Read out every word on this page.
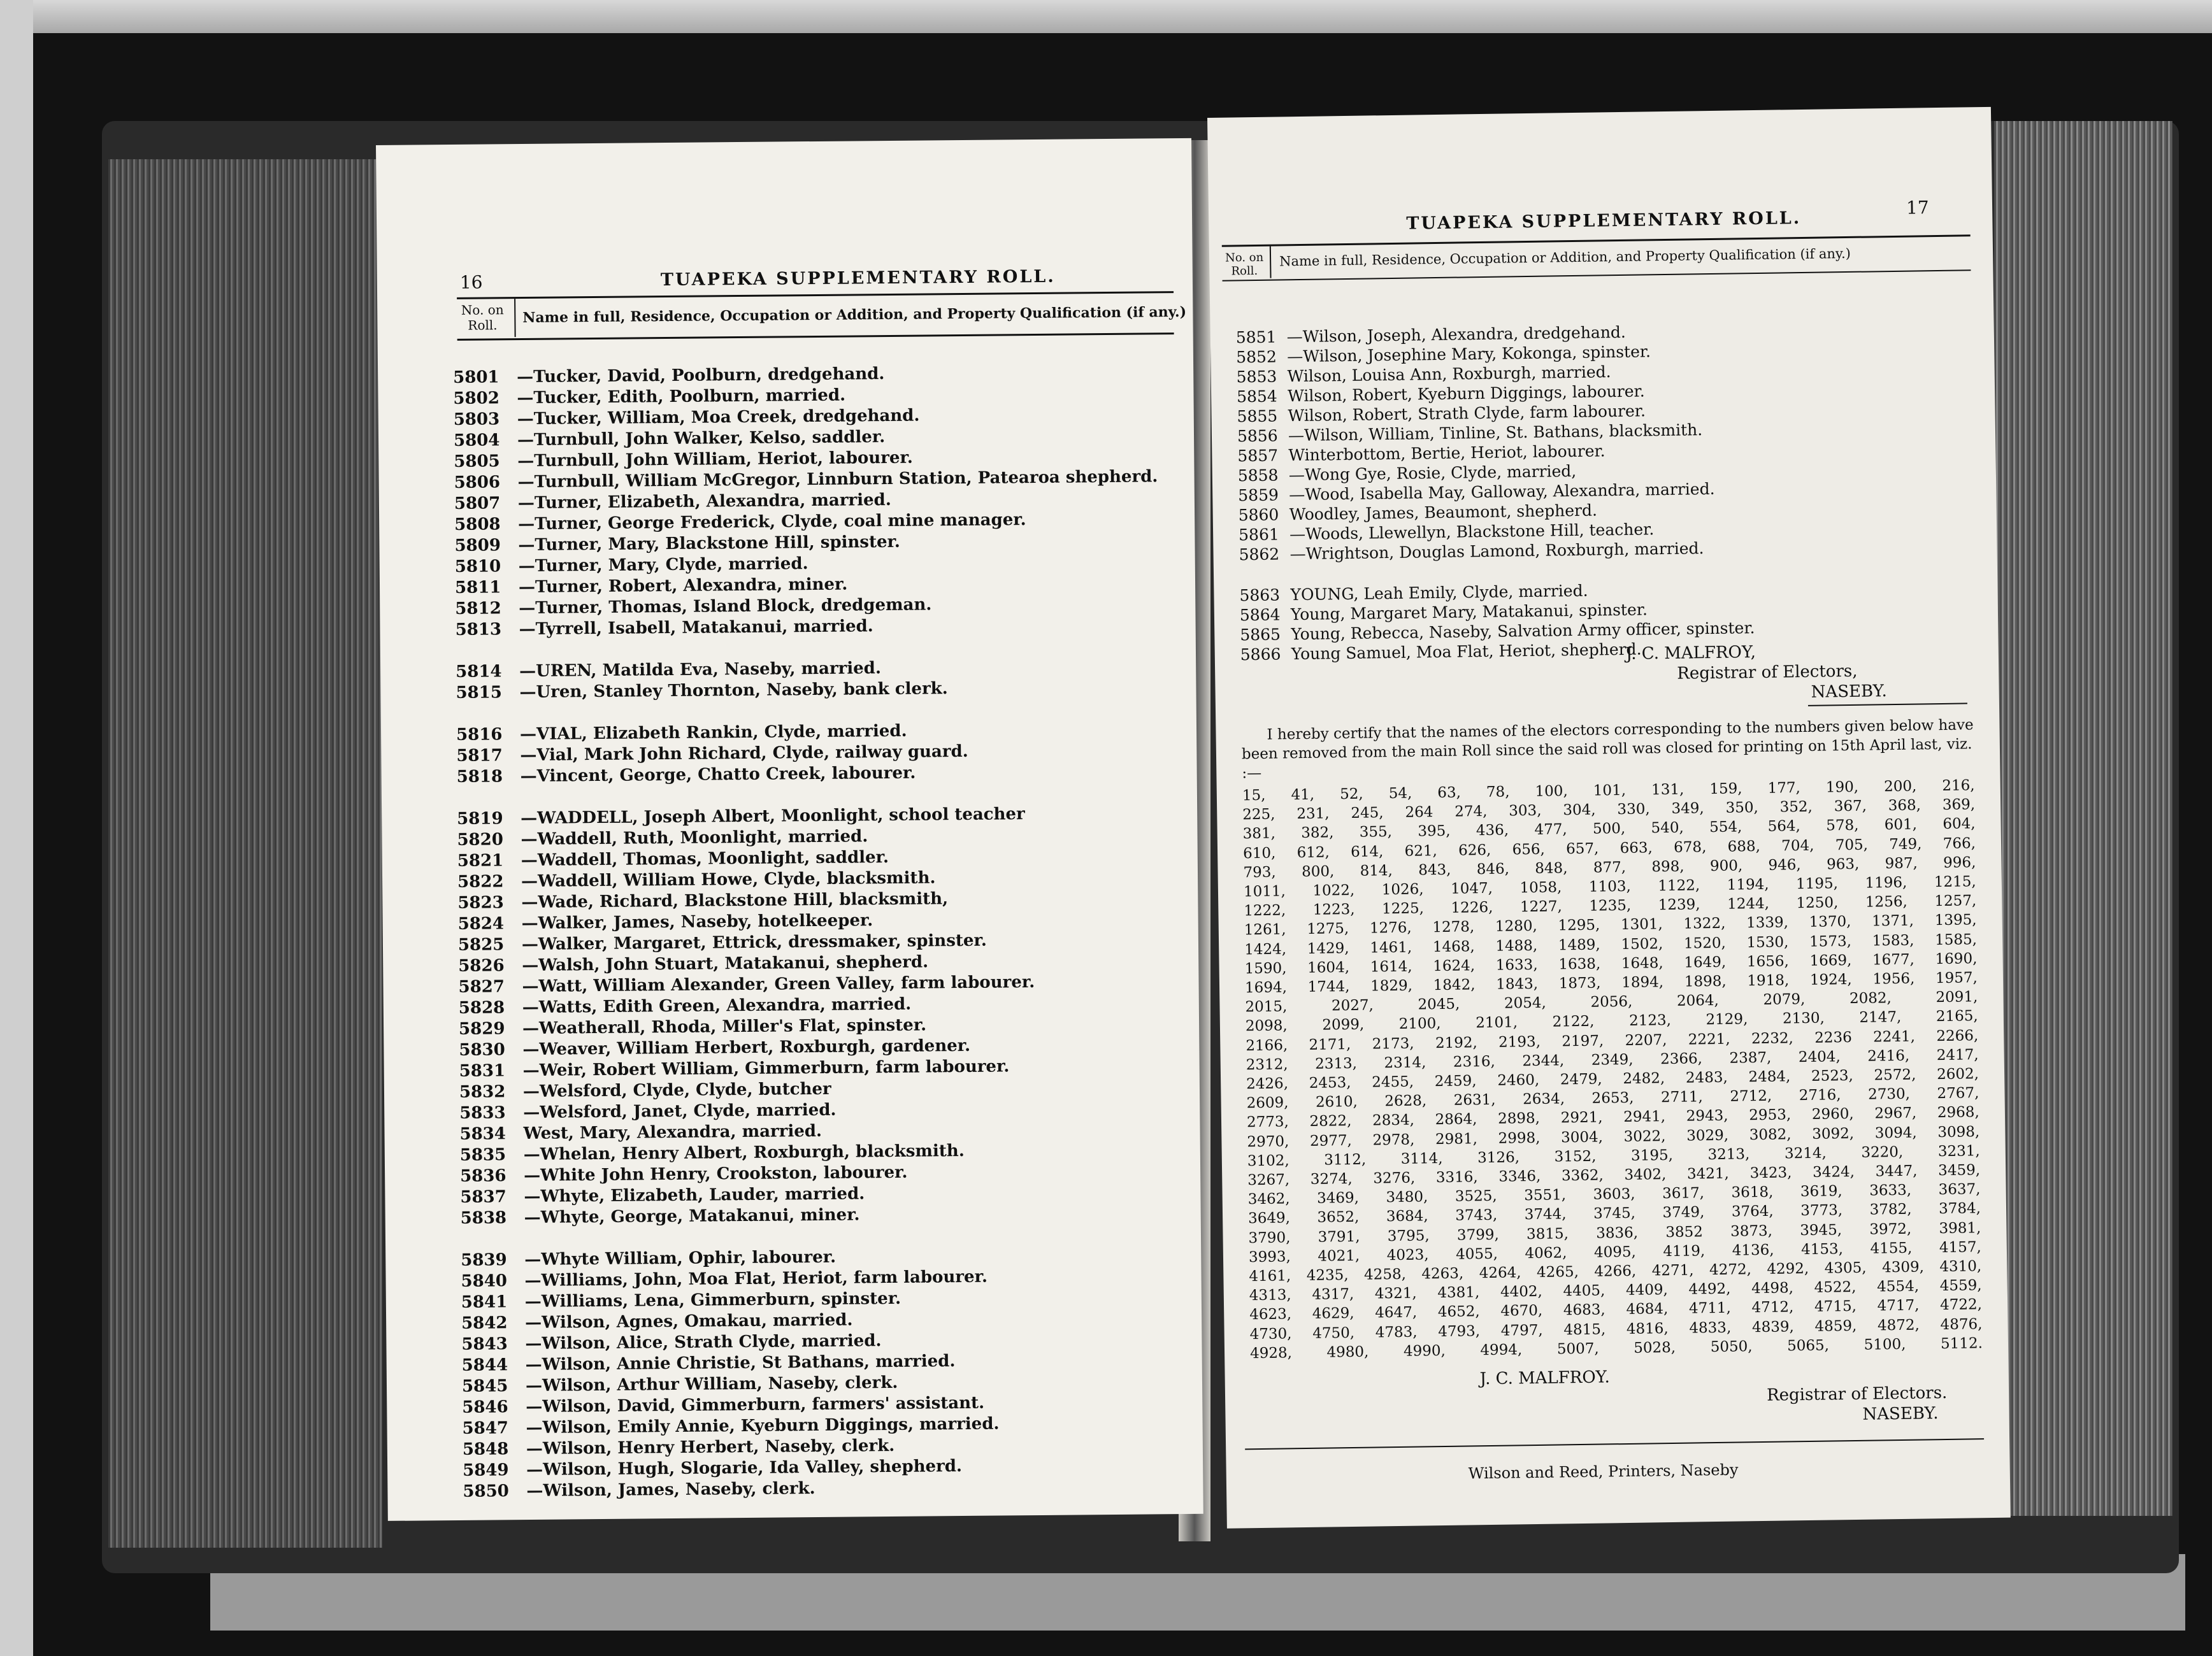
16	TUAPEKA SUPPLEMENTARY ROLL.
No. on Roll.	Name in full, Residence, Occupation or Addition, and Property Qualification (if any.)
5801 —Tucker, David, Poolburn, dredgehand.
5802 —Tucker, Edith, Poolburn, married.
5803 —Tucker, William, Moa Creek, dredgehand.
5804 —Turnbull, John Walker, Kelso, saddler.
5805 —Turnbull, John William, Heriot, labourer.
5806 —Turnbull, William McGregor, Linnburn Station, Patearoa shepherd.
5807 —Turner, Elizabeth, Alexandra, married.
5808 —Turner, George Frederick, Clyde, coal mine manager.
5809 —Turner, Mary, Blackstone Hill, spinster.
5810 —Turner, Mary, Clyde, married.
5811 —Turner, Robert, Alexandra, miner.
5812 —Turner, Thomas, Island Block, dredgeman.
5813 —Tyrrell, Isabell, Matakanui, married.
5814 —UREN, Matilda Eva, Naseby, married.
5815 —Uren, Stanley Thornton, Naseby, bank clerk.
5816 —VIAL, Elizabeth Rankin, Clyde, married.
5817 —Vial, Mark John Richard, Clyde, railway guard.
5818 —Vincent, George, Chatto Creek, labourer.
5819 —WADDELL, Joseph Albert, Moonlight, school teacher
5820 —Waddell, Ruth, Moonlight, married.
5821 —Waddell, Thomas, Moonlight, saddler.
5822 —Waddell, William Howe, Clyde, blacksmith.
5823 —Wade, Richard, Blackstone Hill, blacksmith,
5824 —Walker, James, Naseby, hotelkeeper.
5825 —Walker, Margaret, Ettrick, dressmaker, spinster.
5826 —Walsh, John Stuart, Matakanui, shepherd.
5827 —Watt, William Alexander, Green Valley, farm labourer.
5828 —Watts, Edith Green, Alexandra, married.
5829 —Weatherall, Rhoda, Miller's Flat, spinster.
5830 —Weaver, William Herbert, Roxburgh, gardener.
5831 —Weir, Robert William, Gimmerburn, farm labourer.
5832 —Welsford, Clyde, Clyde, butcher
5833 —Welsford, Janet, Clyde, married.
5834 West, Mary, Alexandra, married.
5835 —Whelan, Henry Albert, Roxburgh, blacksmith.
5836 —White John Henry, Crookston, labourer.
5837 —Whyte, Elizabeth, Lauder, married.
5838 —Whyte, George, Matakanui, miner.
5839 —Whyte William, Ophir, labourer.
5840 —Williams, John, Moa Flat, Heriot, farm labourer.
5841 —Williams, Lena, Gimmerburn, spinster.
5842 —Wilson, Agnes, Omakau, married.
5843 —Wilson, Alice, Strath Clyde, married.
5844 —Wilson, Annie Christie, St Bathans, married.
5845 —Wilson, Arthur William, Naseby, clerk.
5846 —Wilson, David, Gimmerburn, farmers' assistant.
5847 —Wilson, Emily Annie, Kyeburn Diggings, married.
5848 —Wilson, Henry Herbert, Naseby, clerk.
5849 —Wilson, Hugh, Slogarie, Ida Valley, shepherd.
5850 —Wilson, James, Naseby, clerk.
TUAPEKA SUPPLEMENTARY ROLL.
17
No. on Roll.
Name in full, Residence, Occupation or Addition, and Property Qualification (if any.)
5851 —Wilson, Joseph, Alexandra, dredgehand.
5852 —Wilson, Josephine Mary, Kokonga, spinster.
5853 Wilson, Louisa Ann, Roxburgh, married.
5854 Wilson, Robert, Kyeburn Diggings, labourer.
5855 Wilson, Robert, Strath Clyde, farm labourer.
5856 —Wilson, William, Tinline, St. Bathans, blacksmith.
5857 Winterbottom, Bertie, Heriot, labourer.
5858 —Wong Gye, Rosie, Clyde, married,
5859 —Wood, Isabella May, Galloway, Alexandra, married.
5860 Woodley, James, Beaumont, shepherd.
5861 —Woods, Llewellyn, Blackstone Hill, teacher.
5862 —Wrightson, Douglas Lamond, Roxburgh, married.
5863 YOUNG, Leah Emily, Clyde, married.
5864 Young, Margaret Mary, Matakanui, spinster.
5865 Young, Rebecca, Naseby, Salvation Army officer, spinster.
5866 Young Samuel, Moa Flat, Heriot, shepherd.
J. C. MALFROY,
Registrar of Electors,
NASEBY.
I hereby certify that the names of the electors corresponding to the numbers given below have been removed from the main Roll since the said roll was closed for printing on 15th April last, viz. :—
15, 41, 52, 54, 63, 78, 100, 101, 131, 159, 177, 190, 200, 216,
225, 231, 245, 264 274, 303, 304, 330, 349, 350, 352, 367, 368, 369,
381, 382, 355, 395, 436, 477, 500, 540, 554, 564, 578, 601, 604,
610, 612, 614, 621, 626, 656, 657, 663, 678, 688, 704, 705, 749, 766,
793, 800, 814, 843, 846, 848, 877, 898, 900, 946, 963, 987, 996,
1011, 1022, 1026, 1047, 1058, 1103, 1122, 1194, 1195, 1196, 1215,
1222, 1223, 1225, 1226, 1227, 1235, 1239, 1244, 1250, 1256, 1257,
1261, 1275, 1276, 1278, 1280, 1295, 1301, 1322, 1339, 1370, 1371, 1395,
1424, 1429, 1461, 1468, 1488, 1489, 1502, 1520, 1530, 1573, 1583, 1585,
1590, 1604, 1614, 1624, 1633, 1638, 1648, 1649, 1656, 1669, 1677, 1690,
1694, 1744, 1829, 1842, 1843, 1873, 1894, 1898, 1918, 1924, 1956, 1957,
2015,	2027,	2045,	2054,	2056,	2064,	2079,	2082,	2091,
2098, 2099, 2100, 2101, 2122, 2123, 2129, 2130, 2147, 2165,
2166, 2171, 2173, 2192, 2193, 2197, 2207, 2221, 2232, 2236 2241, 2266,
2312, 2313, 2314, 2316, 2344, 2349, 2366, 2387, 2404, 2416, 2417,
2426, 2453, 2455, 2459, 2460, 2479, 2482, 2483, 2484, 2523, 2572, 2602,
2609, 2610, 2628, 2631, 2634, 2653, 2711, 2712, 2716, 2730, 2767,
2773, 2822, 2834, 2864, 2898, 2921, 2941, 2943, 2953, 2960, 2967, 2968,
2970, 2977, 2978, 2981, 2998, 3004, 3022, 3029, 3082, 3092, 3094, 3098,
3102, 3112, 3114, 3126, 3152, 3195, 3213, 3214, 3220, 3231,
3267, 3274, 3276, 3316, 3346, 3362, 3402, 3421, 3423, 3424, 3447, 3459,
3462, 3469, 3480, 3525, 3551, 3603, 3617, 3618, 3619, 3633, 3637,
3649, 3652, 3684, 3743, 3744, 3745, 3749, 3764, 3773, 3782, 3784,
3790, 3791, 3795, 3799, 3815, 3836, 3852 3873, 3945, 3972, 3981,
3993, 4021, 4023, 4055, 4062, 4095, 4119, 4136, 4153, 4155, 4157,
4161, 4235, 4258, 4263, 4264, 4265, 4266, 4271, 4272, 4292, 4305, 4309, 4310,
4313, 4317, 4321, 4381, 4402, 4405, 4409, 4492, 4498, 4522, 4554, 4559,
4623, 4629, 4647, 4652, 4670, 4683, 4684, 4711, 4712, 4715, 4717, 4722,
4730, 4750, 4783, 4793, 4797, 4815, 4816, 4833, 4839, 4859, 4872, 4876,
4928, 4980, 4990, 4994, 5007, 5028, 5050, 5065, 5100, 5112.
J. C. MALFROY.
Registrar of Electors.
NASEBY.
Wilson and Reed, Printers, Naseby
